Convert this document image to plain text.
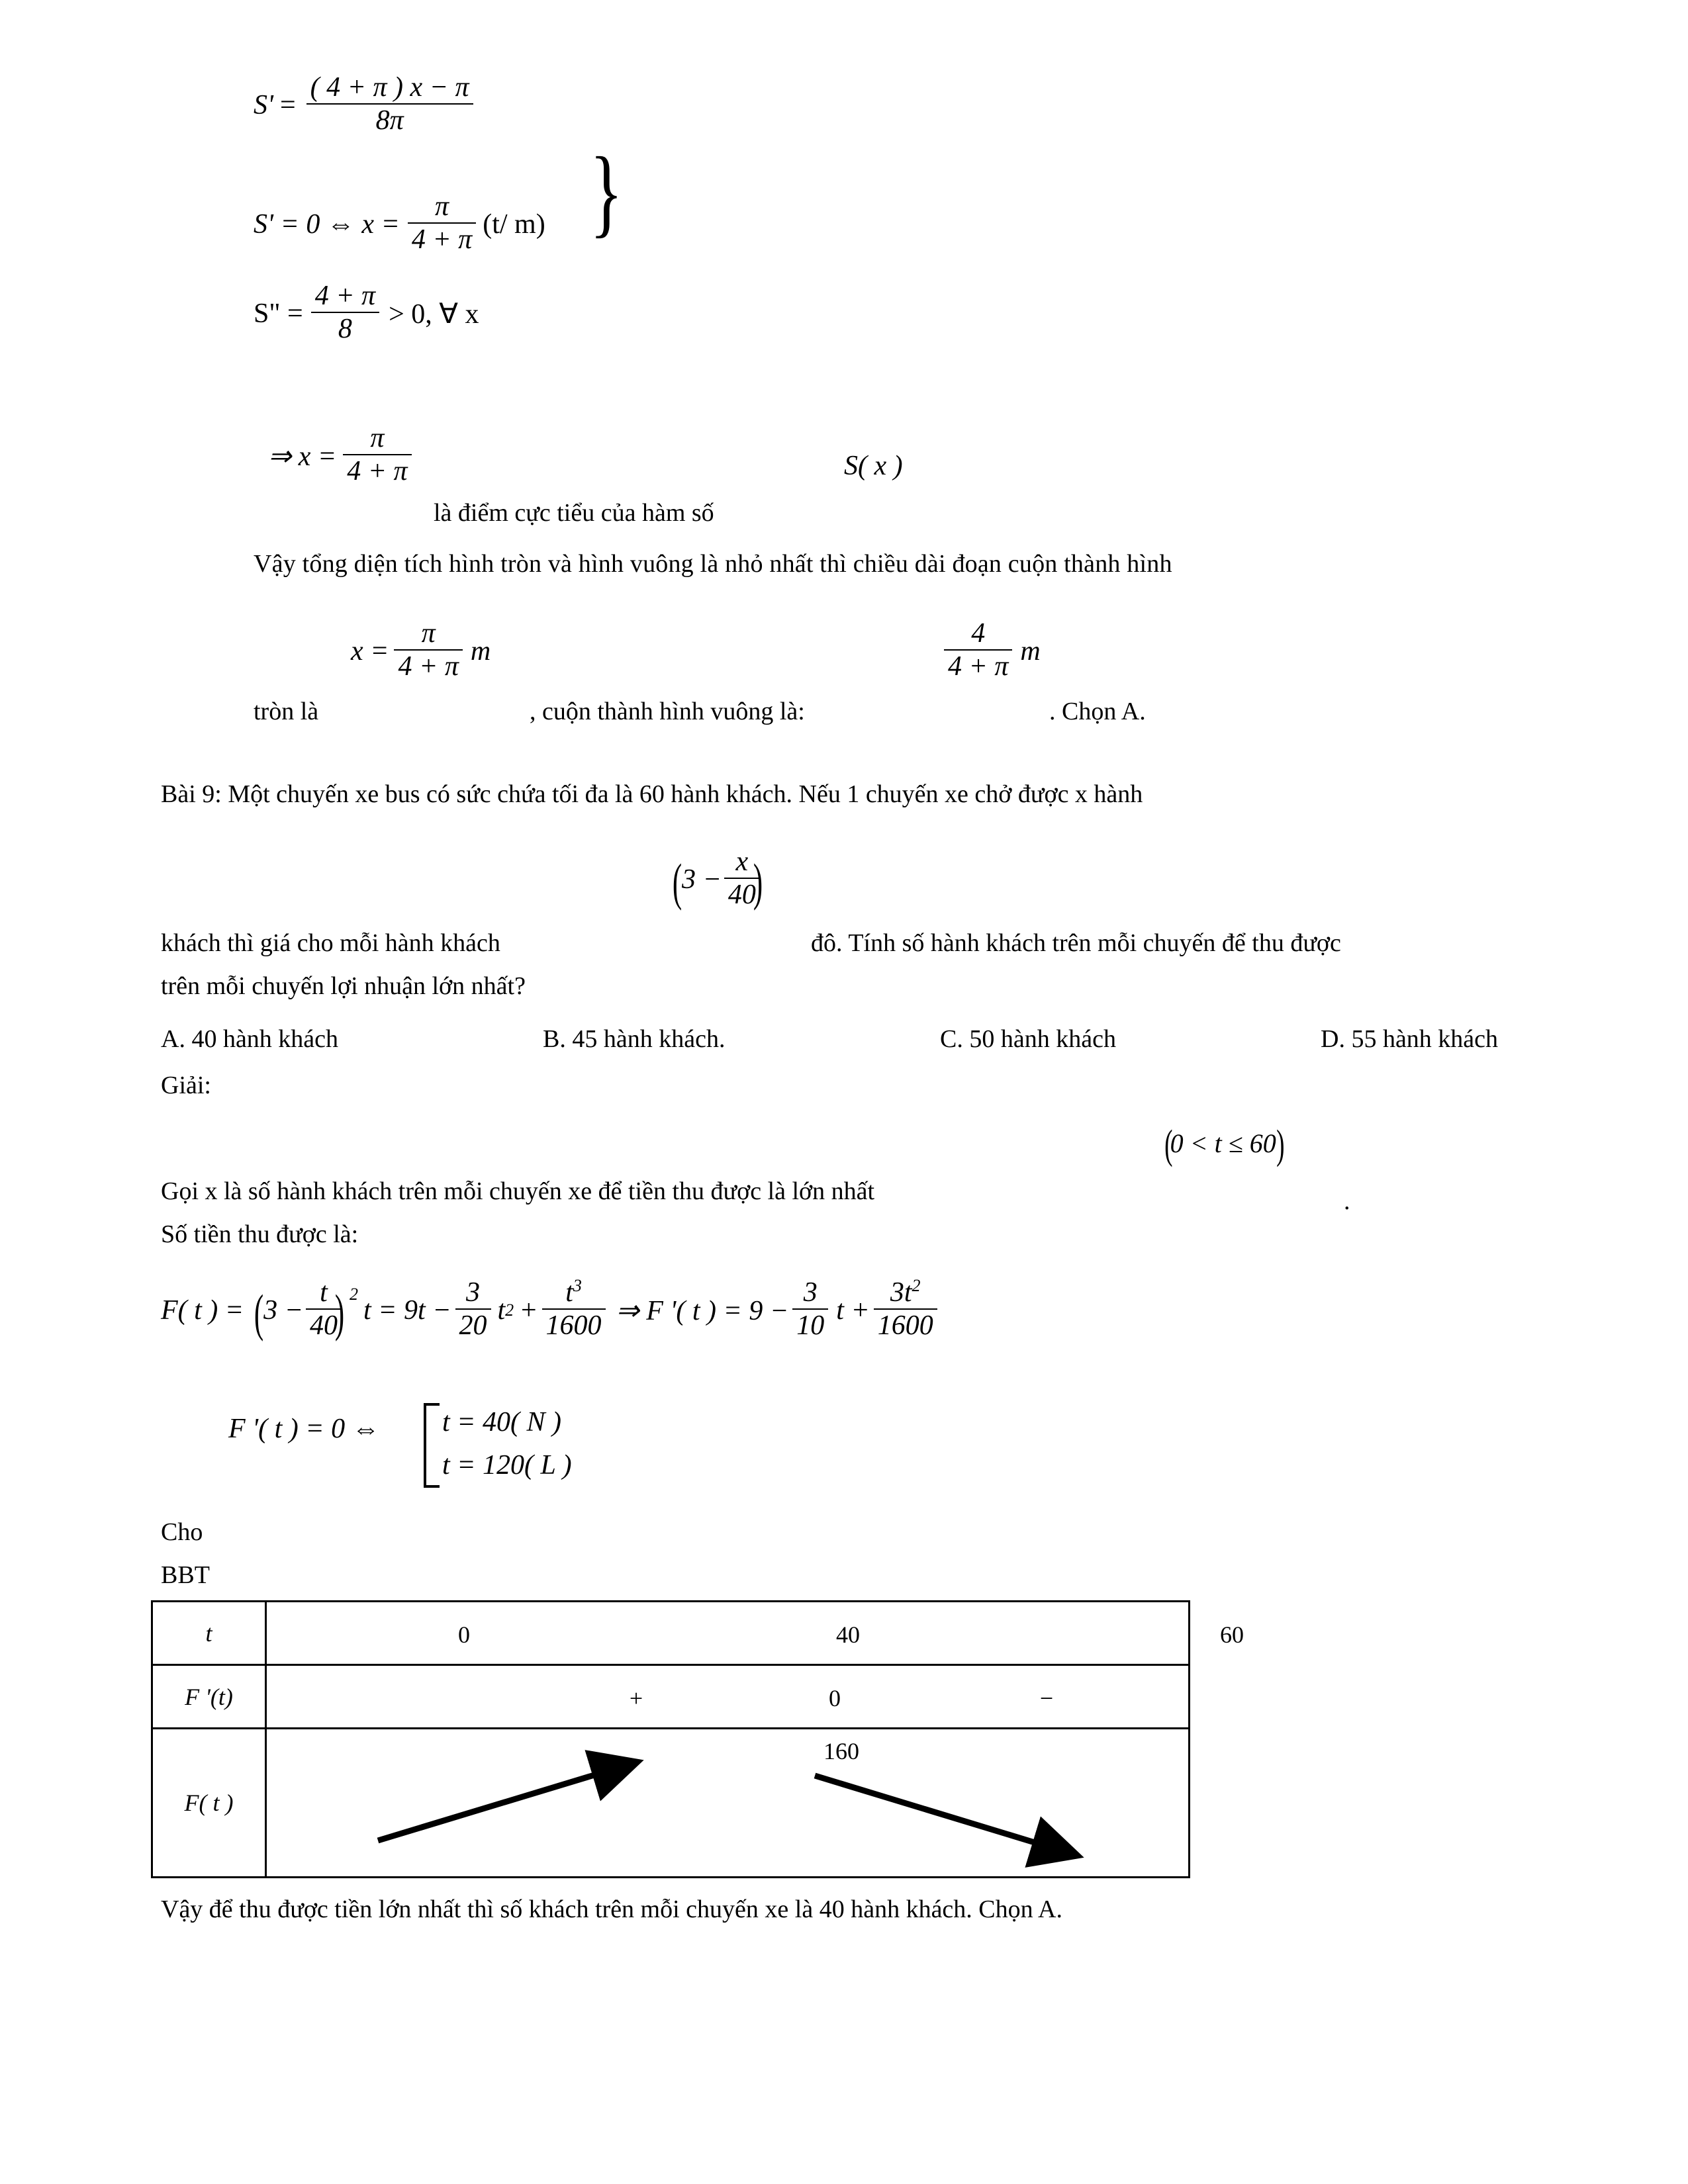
$S' = \frac{( 4 + \pi ) x - \pi}{8\pi}$
S' = 0 ⇔ $x = \frac{\pi}{4 + \pi} (t/$ m)
S" = $\frac{4 + \pi}{8} > 0$, ∀ x
}
⇒ $x = \frac{\pi}{4 + \pi}$	S( x )
là điểm cực tiểu của hàm số
Vậy tổng diện tích hình tròn và hình vuông là nhỏ nhất thì chiều dài đoạn cuộn thành hình
$x = \frac{\pi}{4 + \pi}$ m	$\frac{4}{4 + \pi}$ m
tròn là	, cuộn thành hình vuông là:	. Chọn A.
Bài 9: Một chuyến xe bus có sức chứa tối đa là 60 hành khách. Nếu 1 chuyến xe chở được x hành
( $3 - \frac{x}{40}$
)
khách thì giá cho mỗi hành khách	đô. Tính số hành khách trên mỗi chuyến để thu được
trên mỗi chuyến lợi nhuận lớn nhất?
A. 40 hành khách	B. 45 hành khách.	C. 50 hành khách	D. 55 hành khách
Giải:
(
0 < t ≤ 60 )
Gọi x là số hành khách trên mỗi chuyến xe để tiền thu được là lớn nhất	.
Số tiền thu được là:
F( t ) = ( $3 - \frac{t}{40}$
) $^2$
$t = 9t - \frac{3}{20}$ t $2 + \frac{t^3}{1600}$ ⇒ F '( t ) = $9 - \frac{3}{10}$ $t + \frac{3t^2}{1600}$
F '( t ) = 0 ⇔ t = 40( N )
t = 120( L )
Cho
BBT
t	0	40	60
F '(t)	+	0	−
F( t )
160
Vậy để thu được tiền lớn nhất thì số khách trên mỗi chuyến xe là 40 hành khách. Chọn A.
